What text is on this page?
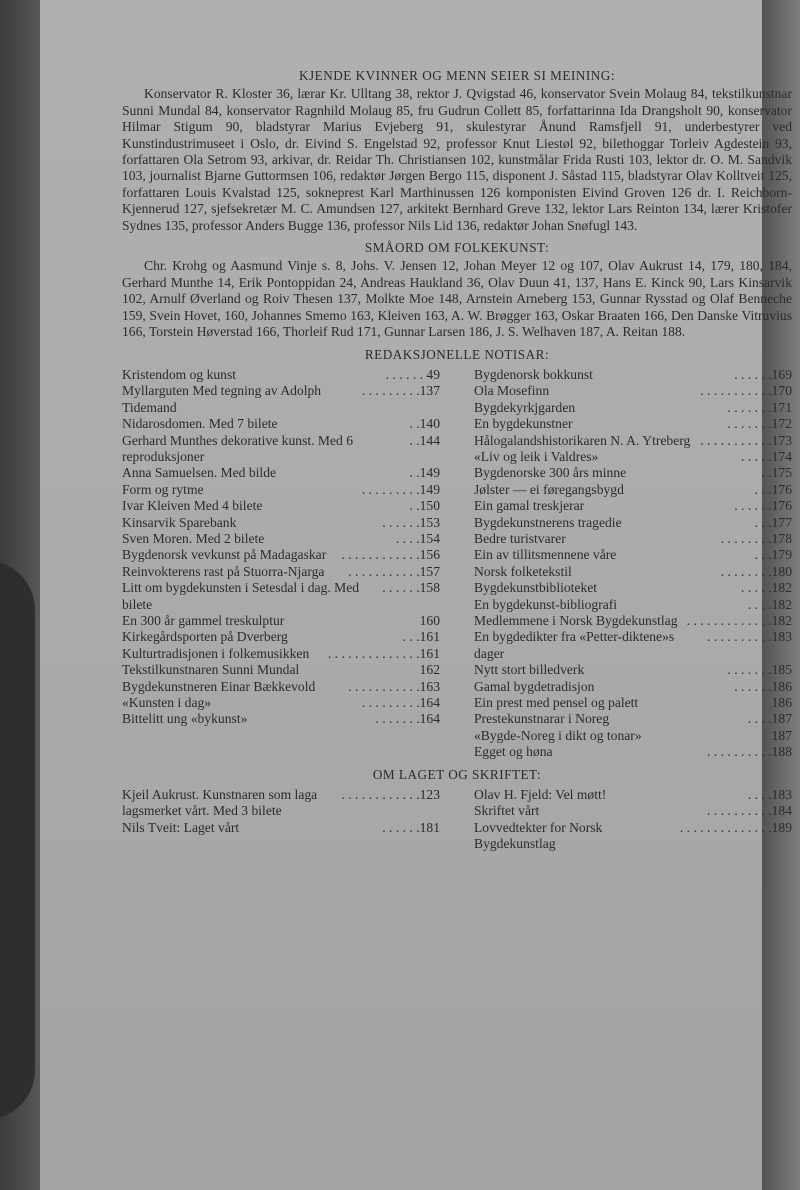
KJENDE KVINNER OG MENN SEIER SI MEINING:
Konservator R. Kloster 36, lærar Kr. Ulltang 38, rektor J. Qvigstad 46, konservator Svein Molaug 84, tekstilkunstnar Sunni Mundal 84, konservator Ragnhild Molaug 85, fru Gudrun Collett 85, forfattarinna Ida Drangsholt 90, konservator Hilmar Stigum 90, bladstyrar Marius Evjeberg 91, skulestyrar Ånund Ramsfjell 91, underbestyrer ved Kunstindustrimuseet i Oslo, dr. Eivind S. Engelstad 92, professor Knut Liestøl 92, bilethoggar Torleiv Agdestein 93, forfattaren Ola Setrom 93, arkivar, dr. Reidar Th. Christiansen 102, kunstmålar Frida Rusti 103, lektor dr. O. M. Sandvik 103, journalist Bjarne Guttormsen 106, redaktør Jørgen Bergo 115, disponent J. Såstad 115, bladstyrar Olav Kolltveit 125, forfattaren Louis Kvalstad 125, sokneprest Karl Marthinussen 126 komponisten Eivind Groven 126 dr. I. Reichborn-Kjennerud 127, sjefsekretær M. C. Amundsen 127, arkitekt Bernhard Greve 132, lektor Lars Reinton 134, lærer Kristofer Sydnes 135, professor Anders Bugge 136, professor Nils Lid 136, redaktør Johan Snøfugl 143.
SMÅORD OM FOLKEKUNST:
Chr. Krohg og Aasmund Vinje s. 8, Johs. V. Jensen 12, Johan Meyer 12 og 107, Olav Aukrust 14, 179, 180, 184, Gerhard Munthe 14, Erik Pontoppidan 24, Andreas Haukland 36, Olav Duun 41, 137, Hans E. Kinck 90, Lars Kinsarvik 102, Arnulf Øverland og Roiv Thesen 137, Molkte Moe 148, Arnstein Arneberg 153, Gunnar Rysstad og Olaf Benneche 159, Svein Hovet, 160, Johannes Smemo 163, Kleiven 163, A. W. Brøgger 163, Oskar Braaten 166, Den Danske Vitruvius 166, Torstein Høverstad 166, Thorleif Rud 171, Gunnar Larsen 186, J. S. Welhaven 187, A. Reitan 188.
REDAKSJONELLE NOTISAR:
Kristendom og kunst	. . . . . . 49
Myllarguten Med tegning av Adolph Tidemand
. . . . . . . . .137
Nidarosdomen. Med 7 bilete	. .140
Gerhard Munthes dekorative kunst. Med 6 reproduksjoner
. .144
Anna Samuelsen. Med bilde	. .149
Form og rytme	. . . . . . . . .149
Ivar Kleiven Med 4 bilete	. .150
Kinsarvik Sparebank	. . . . . .153
Sven Moren. Med 2 bilete	. . . .154
Bygdenorsk vevkunst på Madagaskar	. . . . . . . . . . . .156
Reinvokterens rast på Stuorra-Njarga	. . . . . . . . . . .157
Litt om bygdekunsten i Setesdal i dag. Med bilete
. . . . . .158
En 300 år gammel treskulptur	160
Kirkegårdsporten på Dverberg	. . .161
Kulturtradisjonen i folkemusikken	. . . . . . . . . . . . . .161
Tekstilkunstnaren Sunni Mundal	162
Bygdekunstneren Einar Bækkevold	. . . . . . . . . . .163
«Kunsten i dag»	. . . . . . . . .164
Bittelitt ung «bykunst»	. . . . . . .164
Bygdenorsk bokkunst	. . . . . .169
Ola Mosefinn	. . . . . . . . . . .170
Bygdekyrkjgarden	. . . . . . .171
En bygdekunstner	. . . . . . .172
Hålogalandshistorikaren N. A. Ytreberg . . . . . . . . . . .173
«Liv og leik i Valdres»	. . . . .174
Bygdenorske 300 års minne	. .175
Jølster — ei føregangsbygd	. . .176
Ein gamal treskjerar	. . . . . .176
Bygdekunstnerens tragedie	. . .177
Bedre turistvarer	. . . . . . . .178
Ein av tillitsmennene våre	. . .179
Norsk folketekstil	. . . . . . . .180
Bygdekunstbiblioteket	. . . . .182
En bygdekunst-bibliografi	. . . .182
Medlemmene i Norsk Bygdekunstlag . . . . . . . . . . . . .182
En bygdedikter fra «Petter-diktene»s dager
. . . . . . . . . .183
Nytt stort billedverk	. . . . . . .185
Gamal bygdetradisjon	. . . . . .186
Ein prest med pensel og palett	186
Prestekunstnarar i Noreg	. . . .187
«Bygde-Noreg i dikt og tonar»	187
Egget og høna	. . . . . . . . . .188
OM LAGET OG SKRIFTET:
Kjeil Aukrust. Kunstnaren som laga lagsmerket vårt. Med 3 bilete
. . . . . . . . . . . .123
Nils Tveit: Laget vårt	. . . . . .181
Olav H. Fjeld: Vel møtt!	. . . .183
Skriftet vårt	. . . . . . . . . .184
Lovvedtekter for Norsk Bygdekunstlag
. . . . . . . . . . . . . .189
